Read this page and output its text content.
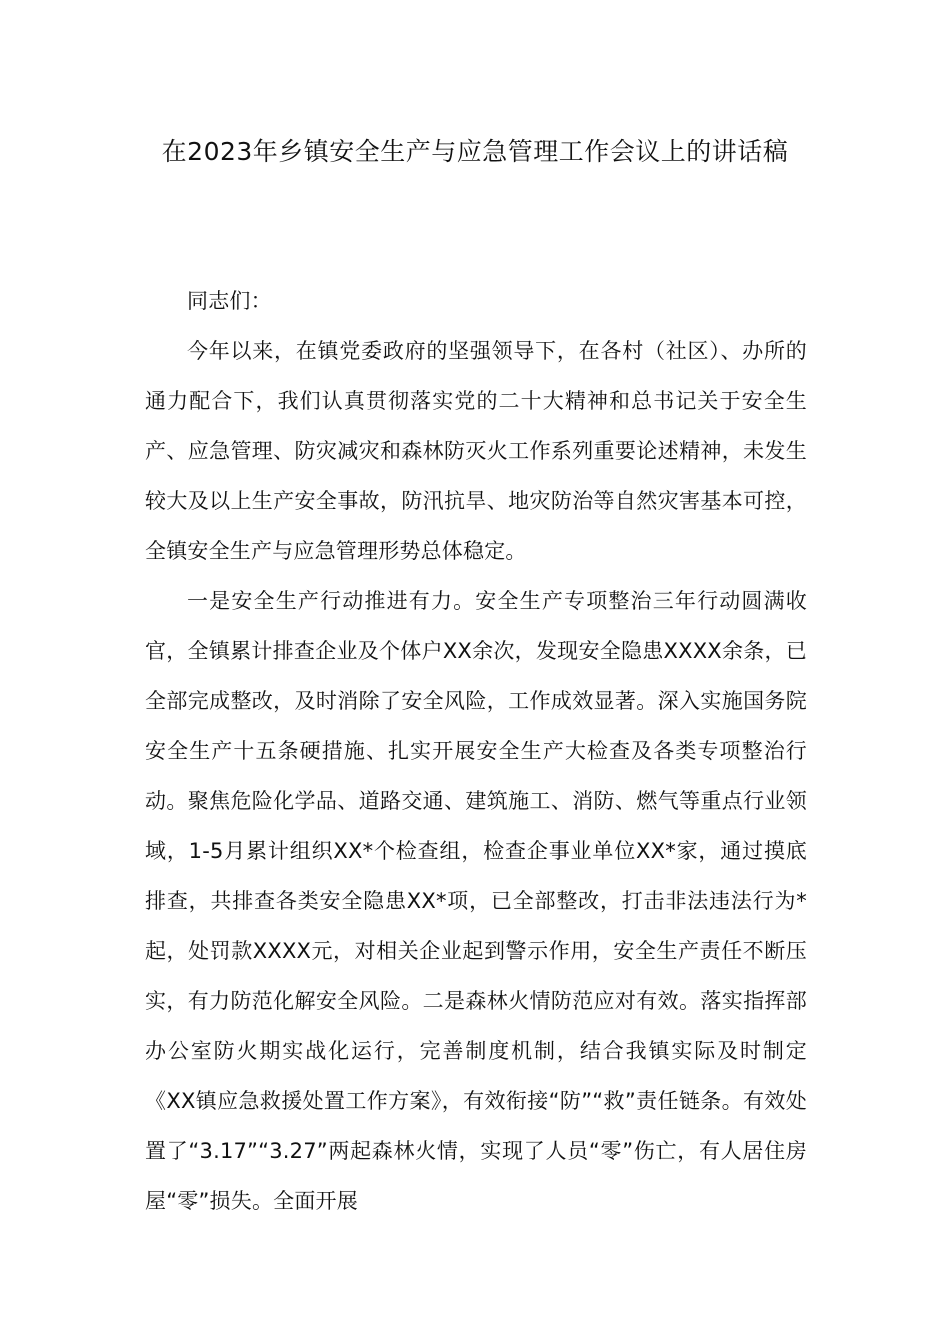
在2023年乡镇安全生产与应急管理工作会议上的讲话稿

同志们：

今年以来，在镇党委政府的坚强领导下，在各村（社区）、办所的通力配合下，我们认真贯彻落实党的二十大精神和总书记关于安全生产、应急管理、防灾减灾和森林防灭火工作系列重要论述精神，未发生较大及以上生产安全事故，防汛抗旱、地灾防治等自然灾害基本可控，全镇安全生产与应急管理形势总体稳定。

一是安全生产行动推进有力。安全生产专项整治三年行动圆满收官，全镇累计排查企业及个体户XX余次，发现安全隐患XXXX余条，已全部完成整改，及时消除了安全风险，工作成效显著。深入实施国务院安全生产十五条硬措施、扎实开展安全生产大检查及各类专项整治行动。聚焦危险化学品、道路交通、建筑施工、消防、燃气等重点行业领域，1-5月累计组织XX*个检查组，检查企事业单位XX*家，通过摸底排查，共排查各类安全隐患XX*项，已全部整改，打击非法违法行为*起，处罚款XXXX元，对相关企业起到警示作用，安全生产责任不断压实，有力防范化解安全风险。二是森林火情防范应对有效。落实指挥部办公室防火期实战化运行，完善制度机制，结合我镇实际及时制定《XX镇应急救援处置工作方案》，有效衔接“防”“救”责任链条。有效处置了“3.17”“3.27”两起森林火情，实现了人员“零”伤亡，有人居住房屋“零”损失。全面开展
